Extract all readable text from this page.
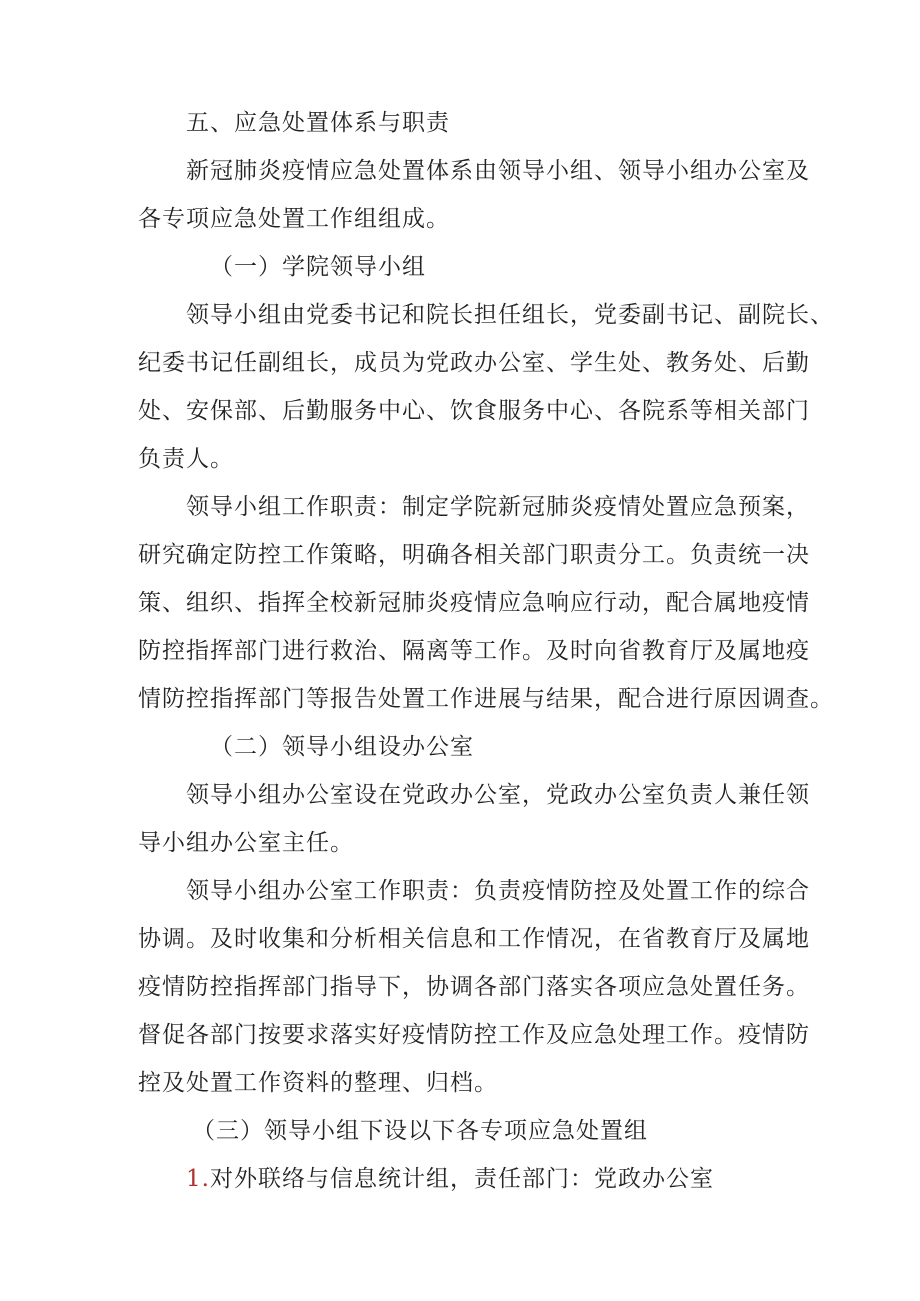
五、应急处置体系与职责
新冠肺炎疫情应急处置体系由领导小组、领导小组办公室及
各专项应急处置工作组组成。
（一）学院领导小组
领导小组由党委书记和院长担任组长，党委副书记、副院长、
纪委书记任副组长，成员为党政办公室、学生处、教务处、后勤
处、安保部、后勤服务中心、饮食服务中心、各院系等相关部门
负责人。
领导小组工作职责：制定学院新冠肺炎疫情处置应急预案，
研究确定防控工作策略，明确各相关部门职责分工。负责统一决
策、组织、指挥全校新冠肺炎疫情应急响应行动，配合属地疫情
防控指挥部门进行救治、隔离等工作。及时向省教育厅及属地疫
情防控指挥部门等报告处置工作进展与结果，配合进行原因调查。
（二）领导小组设办公室
领导小组办公室设在党政办公室，党政办公室负责人兼任领
导小组办公室主任。
领导小组办公室工作职责：负责疫情防控及处置工作的综合
协调。及时收集和分析相关信息和工作情况，在省教育厅及属地
疫情防控指挥部门指导下，协调各部门落实各项应急处置任务。
督促各部门按要求落实好疫情防控工作及应急处理工作。疫情防
控及处置工作资料的整理、归档。
（三）领导小组下设以下各专项应急处置组
1.对外联络与信息统计组，责任部门：党政办公室
